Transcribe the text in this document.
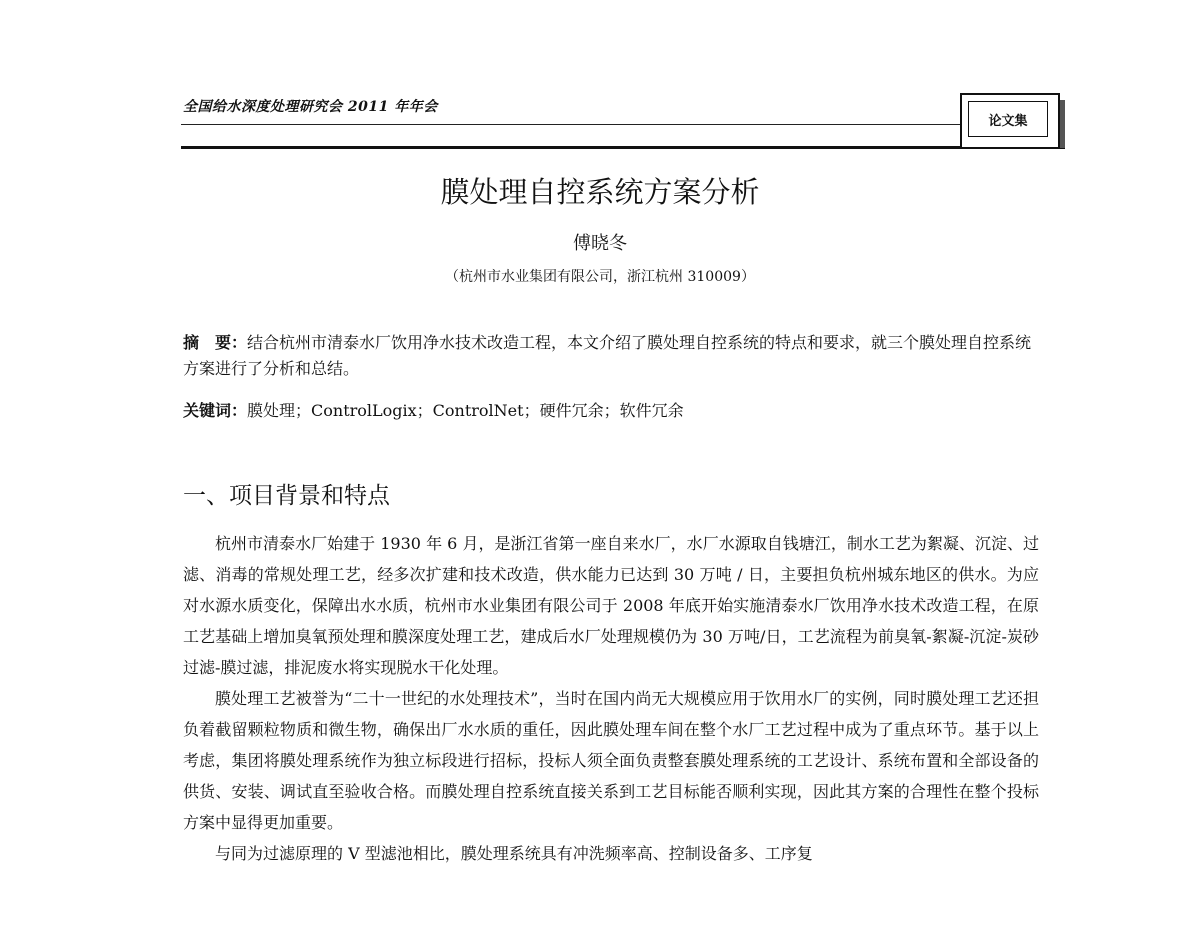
全国给水深度处理研究会 2011 年年会
论文集
膜处理自控系统方案分析
傅晓冬
（杭州市水业集团有限公司，浙江杭州 310009）
摘　要：结合杭州市清泰水厂饮用净水技术改造工程，本文介绍了膜处理自控系统的特点和要求，就三个膜处理自控系统方案进行了分析和总结。
关键词：膜处理；ControlLogix；ControlNet；硬件冗余；软件冗余
一、项目背景和特点

杭州市清泰水厂始建于 1930 年 6 月，是浙江省第一座自来水厂，水厂水源取自钱塘江，制水工艺为絮凝、沉淀、过滤、消毒的常规处理工艺，经多次扩建和技术改造，供水能力已达到 30 万吨 / 日，主要担负杭州城东地区的供水。为应对水源水质变化，保障出水水质，杭州市水业集团有限公司于 2008 年底开始实施清泰水厂饮用净水技术改造工程，在原工艺基础上增加臭氧预处理和膜深度处理工艺，建成后水厂处理规模仍为 30 万吨/日，工艺流程为前臭氧-絮凝-沉淀-炭砂过滤-膜过滤，排泥废水将实现脱水干化处理。

膜处理工艺被誉为“二十一世纪的水处理技术”，当时在国内尚无大规模应用于饮用水厂的实例，同时膜处理工艺还担负着截留颗粒物质和微生物，确保出厂水水质的重任，因此膜处理车间在整个水厂工艺过程中成为了重点环节。基于以上考虑，集团将膜处理系统作为独立标段进行招标，投标人须全面负责整套膜处理系统的工艺设计、系统布置和全部设备的供货、安装、调试直至验收合格。而膜处理自控系统直接关系到工艺目标能否顺利实现，因此其方案的合理性在整个投标方案中显得更加重要。

与同为过滤原理的 V 型滤池相比，膜处理系统具有冲洗频率高、控制设备多、工序复
